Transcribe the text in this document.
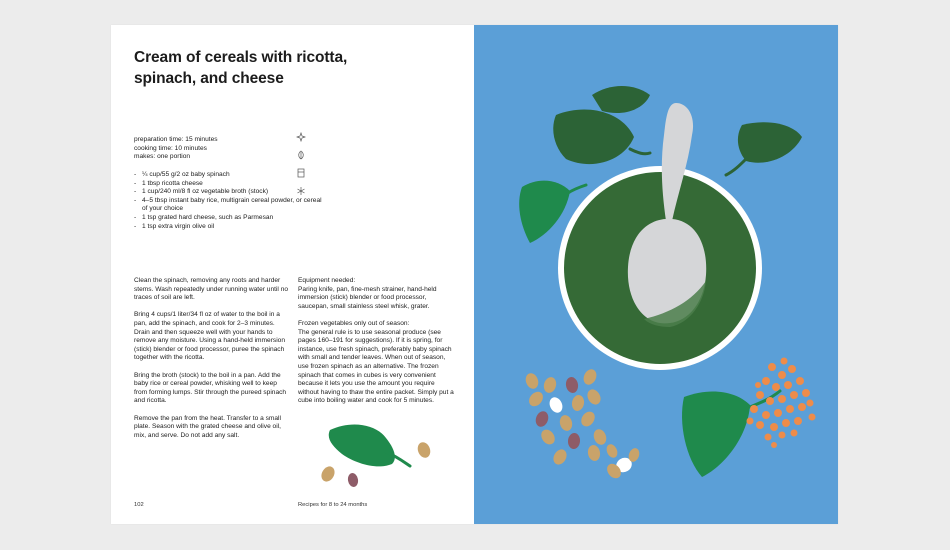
Cream of cereals with ricotta,
spinach, and cheese
preparation time: 15 minutes
cooking time: 10 minutes
makes: one portion
- ¼ cup/55 g/2 oz baby spinach
- 1 tbsp ricotta cheese
- 1 cup/240 ml/8 fl oz vegetable broth (stock)
- 4–5 tbsp instant baby rice, multigrain cereal powder, or cereal of your choice
- 1 tsp grated hard cheese, such as Parmesan
- 1 tsp extra virgin olive oil

Clean the spinach, removing any roots and harder stems. Wash repeatedly under running water until no traces of soil are left.

Bring 4 cups/1 liter/34 fl oz of water to the boil in a pan, add the spinach, and cook for 2–3 minutes. Drain and then squeeze well with your hands to remove any moisture. Using a hand-held immersion (stick) blender or food processor, puree the spinach together with the ricotta.

Bring the broth (stock) to the boil in a pan. Add the baby rice or cereal powder, whisking well to keep from forming lumps. Stir through the pureed spinach and ricotta.

Remove the pan from the heat. Transfer to a small plate. Season with the grated cheese and olive oil, mix, and serve. Do not add any salt.

Equipment needed:
Paring knife, pan, fine-mesh strainer, hand-held immersion (stick) blender or food processor, saucepan, small stainless steel whisk, grater.

Frozen vegetables only out of season:
The general rule is to use seasonal produce (see pages 160–191 for suggestions). If it is spring, for instance, use fresh spinach, preferably baby spinach with small and tender leaves. When out of season, use frozen spinach as an alternative. The frozen spinach that comes in cubes is very convenient because it lets you use the amount you require without having to thaw the entire packet. Simply put a cube into boiling water and cook for 5 minutes.

102	Recipes for 8 to 24 months
